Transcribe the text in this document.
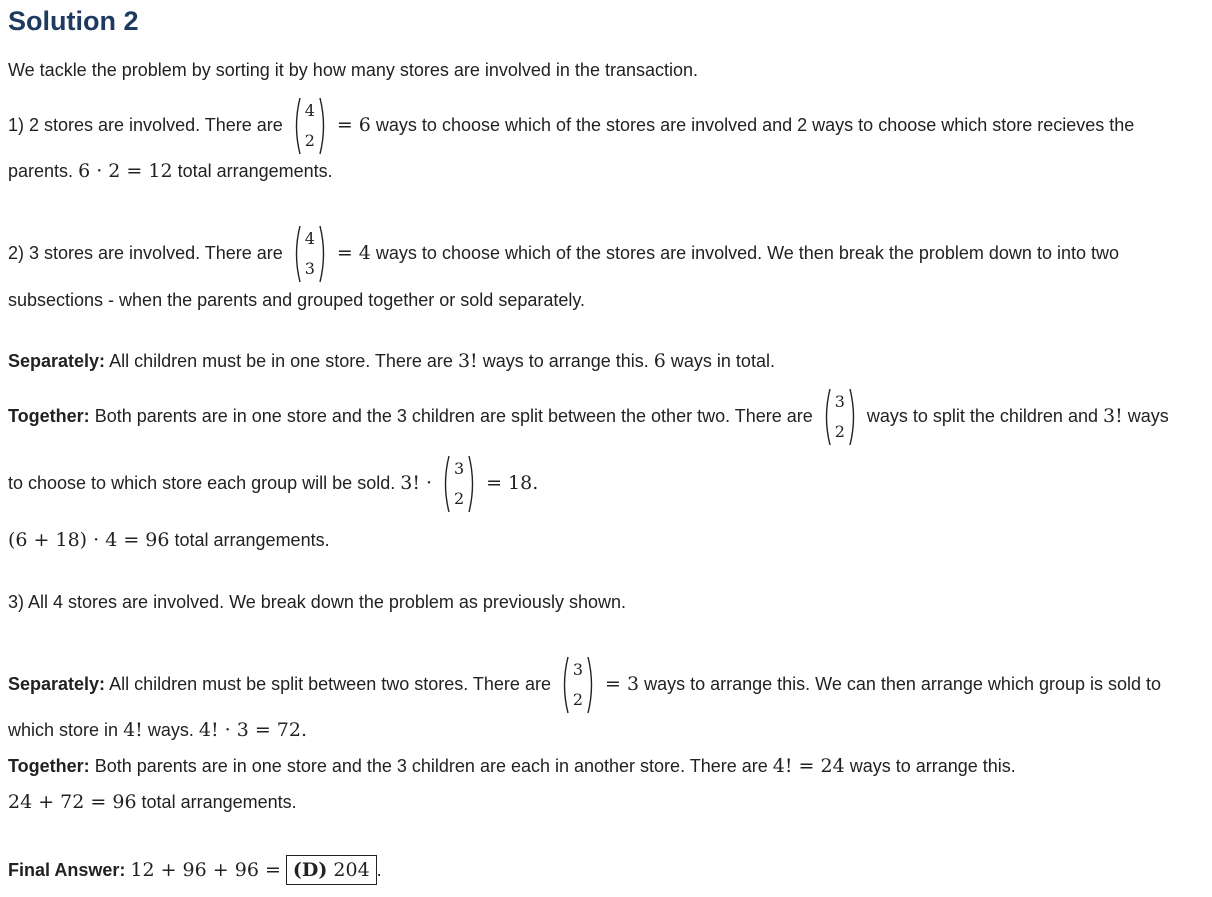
Solution 2
We tackle the problem by sorting it by how many stores are involved in the transaction.
1) 2 stores are involved. There are
4
2
= 6 ways to choose which of the stores are involved and 2 ways to choose which store recieves the
parents. 6 · 2 = 12 total arrangements.
2) 3 stores are involved. There are
4
3
= 4 ways to choose which of the stores are involved. We then break the problem down to into two
subsections - when the parents and grouped together or sold separately.
Separately: All children must be in one store. There are 3! ways to arrange this. 6 ways in total.
Together: Both parents are in one store and the 3 children are split between the other two. There are
3
2
ways to split the children and 3! ways
to choose to which store each group will be sold. 3! ·
3
2
= 18.
(6 + 18) · 4 = 96 total arrangements.
3) All 4 stores are involved. We break down the problem as previously shown.
Separately: All children must be split between two stores. There are
3
2
= 3 ways to arrange this. We can then arrange which group is sold to
which store in 4! ways. 4! · 3 = 72.
Together: Both parents are in one store and the 3 children are each in another store. There are 4! = 24 ways to arrange this.
24 + 72 = 96 total arrangements.
Final Answer: 12 + 96 + 96 = (D) 204 .
